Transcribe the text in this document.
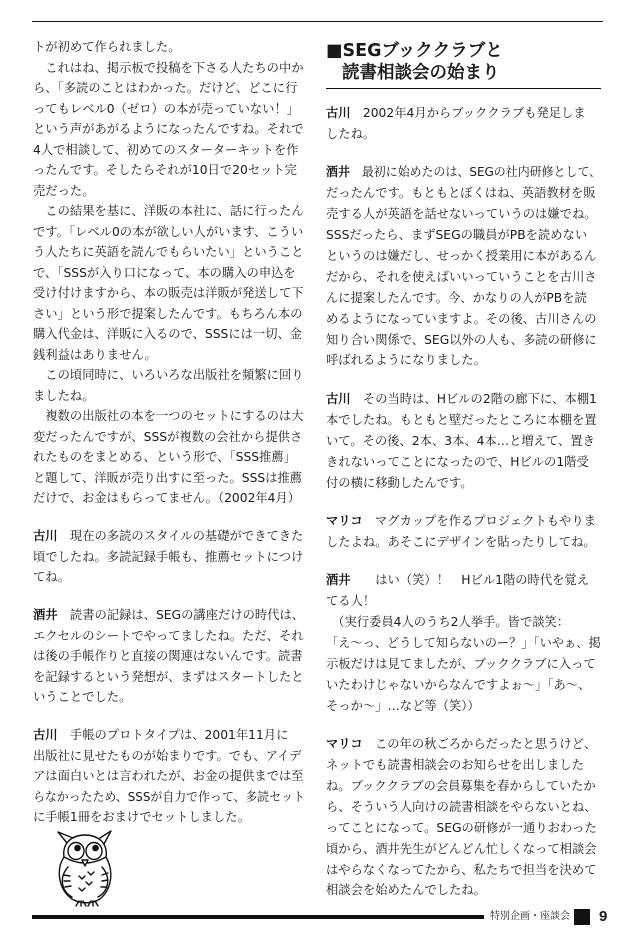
トが初めて作られました。
　これはね、掲示板で投稿を下さる人たちの中か
ら、「多読のことはわかった。だけど、どこに行
ってもレベル0（ゼロ）の本が売っていない！」
という声があがるようになったんですね。それで
4人で相談して、初めてのスターターキットを作
ったんです。そしたらそれが10日で20セット完
売だった。
　この結果を基に、洋販の本社に、話に行ったん
です。「レベル0の本が欲しい人がいます、こうい
う人たちに英語を読んでもらいたい」ということ
で、「SSSが入り口になって、本の購入の申込を
受け付けますから、本の販売は洋販が発送して下
さい」という形で提案したんです。もちろん本の
購入代金は、洋販に入るので、SSSには一切、金
銭利益はありません。
　この頃同時に、いろいろな出版社を頻繁に回り
ましたね。
　複数の出版社の本を一つのセットにするのは大
変だったんですが、SSSが複数の会社から提供さ
れたものをまとめる、という形で、「SSS推薦」
と題して、洋販が売り出すに至った。SSSは推薦
だけで、お金はもらってません。（2002年4月）
古川　現在の多読のスタイルの基礎ができてきた
頃でしたね。多読記録手帳も、推薦セットにつけ
てね。
酒井　読書の記録は、SEGの講座だけの時代は、
エクセルのシートでやってましたね。ただ、それ
は後の手帳作りと直接の関連はないんです。読書
を記録するという発想が、まずはスタートしたと
いうことでした。
古川　手帳のプロトタイプは、2001年11月に
出版社に見せたものが始まりです。でも、アイデ
アは面白いとは言われたが、お金の提供までは至
らなかったため、SSSが自力で作って、多読セット
に手帳1冊をおまけでセットしました。
■SEGブッククラブと
読書相談会の始まり
古川　2002年4月からブッククラブも発足しま
したね。
酒井　最初に始めたのは、SEGの社内研修として、
だったんです。もともとぼくはね、英語教材を販
売する人が英語を話せないっていうのは嫌でね。
SSSだったら、まずSEGの職員がPBを読めない
というのは嫌だし、せっかく授業用に本があるん
だから、それを使えばいいっていうことを古川さ
んに提案したんです。今、かなりの人がPBを読
めるようになっていますよ。その後、古川さんの
知り合い関係で、SEG以外の人も、多読の研修に
呼ばれるようになりました。
古川　その当時は、Hビルの2階の廊下に、本棚1
本でしたね。もともと壁だったところに本棚を置
いて。その後、2本、3本、4本…と増えて、置き
きれないってことになったので、Hビルの1階受
付の横に移動したんです。
マリコ　マグカップを作るプロジェクトもやりま
したよね。あそこにデザインを貼ったりしてね。
酒井　　はい（笑）！　Hビル1階の時代を覚え
てる人！
　（実行委員4人のうち2人挙手。皆で談笑：
「え〜っ、どうして知らないのー？」「いやぁ、掲
示板だけは見てましたが、ブッククラブに入って
いたわけじゃないからなんですよぉ〜」「あ〜、
そっか〜」…など等（笑））
マリコ　この年の秋ごろからだったと思うけど、
ネットでも読書相談会のお知らせを出しました
ね。ブッククラブの会員募集を春からしていたか
ら、そういう人向けの読書相談をやらないとね、
ってことになって。SEGの研修が一通りおわった
頃から、酒井先生がどんどん忙しくなって相談会
はやらなくなってたから、私たちで担当を決めて
相談会を始めたんでしたね。
特別企画・座談会 9
